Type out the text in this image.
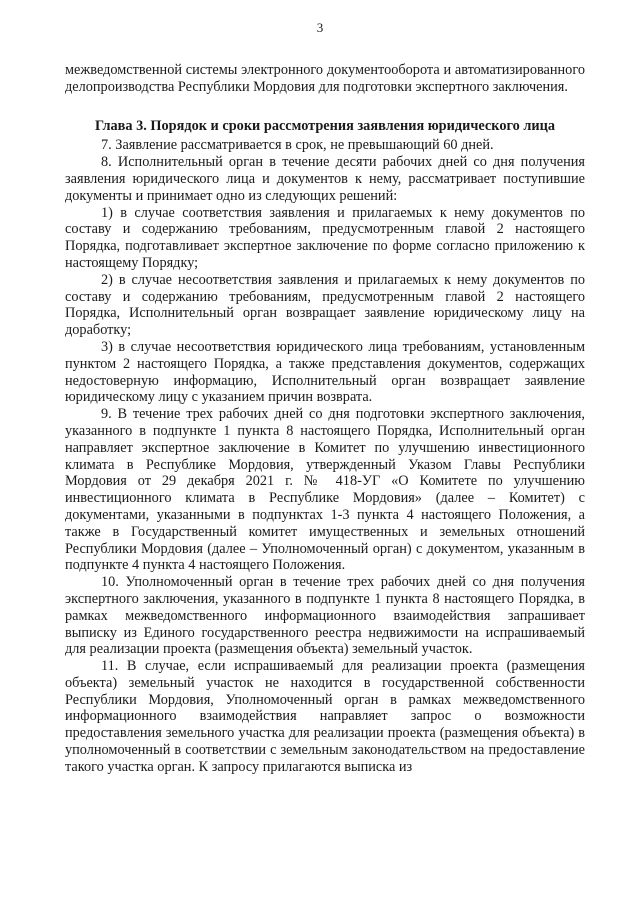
3

межведомственной системы электронного документооборота и автоматизированного делопроизводства Республики Мордовия для подготовки экспертного заключения.

Глава 3. Порядок и сроки рассмотрения заявления юридического лица

7. Заявление рассматривается в срок, не превышающий 60 дней.

8. Исполнительный орган в течение десяти рабочих дней со дня получения заявления юридического лица и документов к нему, рассматривает поступившие документы и принимает одно из следующих решений:

1) в случае соответствия заявления и прилагаемых к нему документов по составу и содержанию требованиям, предусмотренным главой 2 настоящего Порядка, подготавливает экспертное заключение по форме согласно приложению к настоящему Порядку;

2) в случае несоответствия заявления и прилагаемых к нему документов по составу и содержанию требованиям, предусмотренным главой 2 настоящего Порядка, Исполнительный орган возвращает заявление юридическому лицу на доработку;

3) в случае несоответствия юридического лица требованиям, установленным пунктом 2 настоящего Порядка, а также представления документов, содержащих недостоверную информацию, Исполнительный орган возвращает заявление юридическому лицу с указанием причин возврата.

9. В течение трех рабочих дней со дня подготовки экспертного заключения, указанного в подпункте 1 пункта 8 настоящего Порядка, Исполнительный орган направляет экспертное заключение в Комитет по улучшению инвестиционного климата в Республике Мордовия, утвержденный Указом Главы Республики Мордовия от 29 декабря 2021 г. № 418-УГ «О Комитете по улучшению инвестиционного климата в Республике Мордовия» (далее – Комитет) с документами, указанными в подпунктах 1-3 пункта 4 настоящего Положения, а также в Государственный комитет имущественных и земельных отношений Республики Мордовия (далее – Уполномоченный орган) с документом, указанным в подпункте 4 пункта 4 настоящего Положения.

10. Уполномоченный орган в течение трех рабочих дней со дня получения экспертного заключения, указанного в подпункте 1 пункта 8 настоящего Порядка, в рамках межведомственного информационного взаимодействия запрашивает выписку из Единого государственного реестра недвижимости на испрашиваемый для реализации проекта (размещения объекта) земельный участок.

11. В случае, если испрашиваемый для реализации проекта (размещения объекта) земельный участок не находится в государственной собственности Республики Мордовия, Уполномоченный орган в рамках межведомственного информационного взаимодействия направляет запрос о возможности предоставления земельного участка для реализации проекта (размещения объекта) в уполномоченный в соответствии с земельным законодательством на предоставление такого участка орган. К запросу прилагаются выписка из
